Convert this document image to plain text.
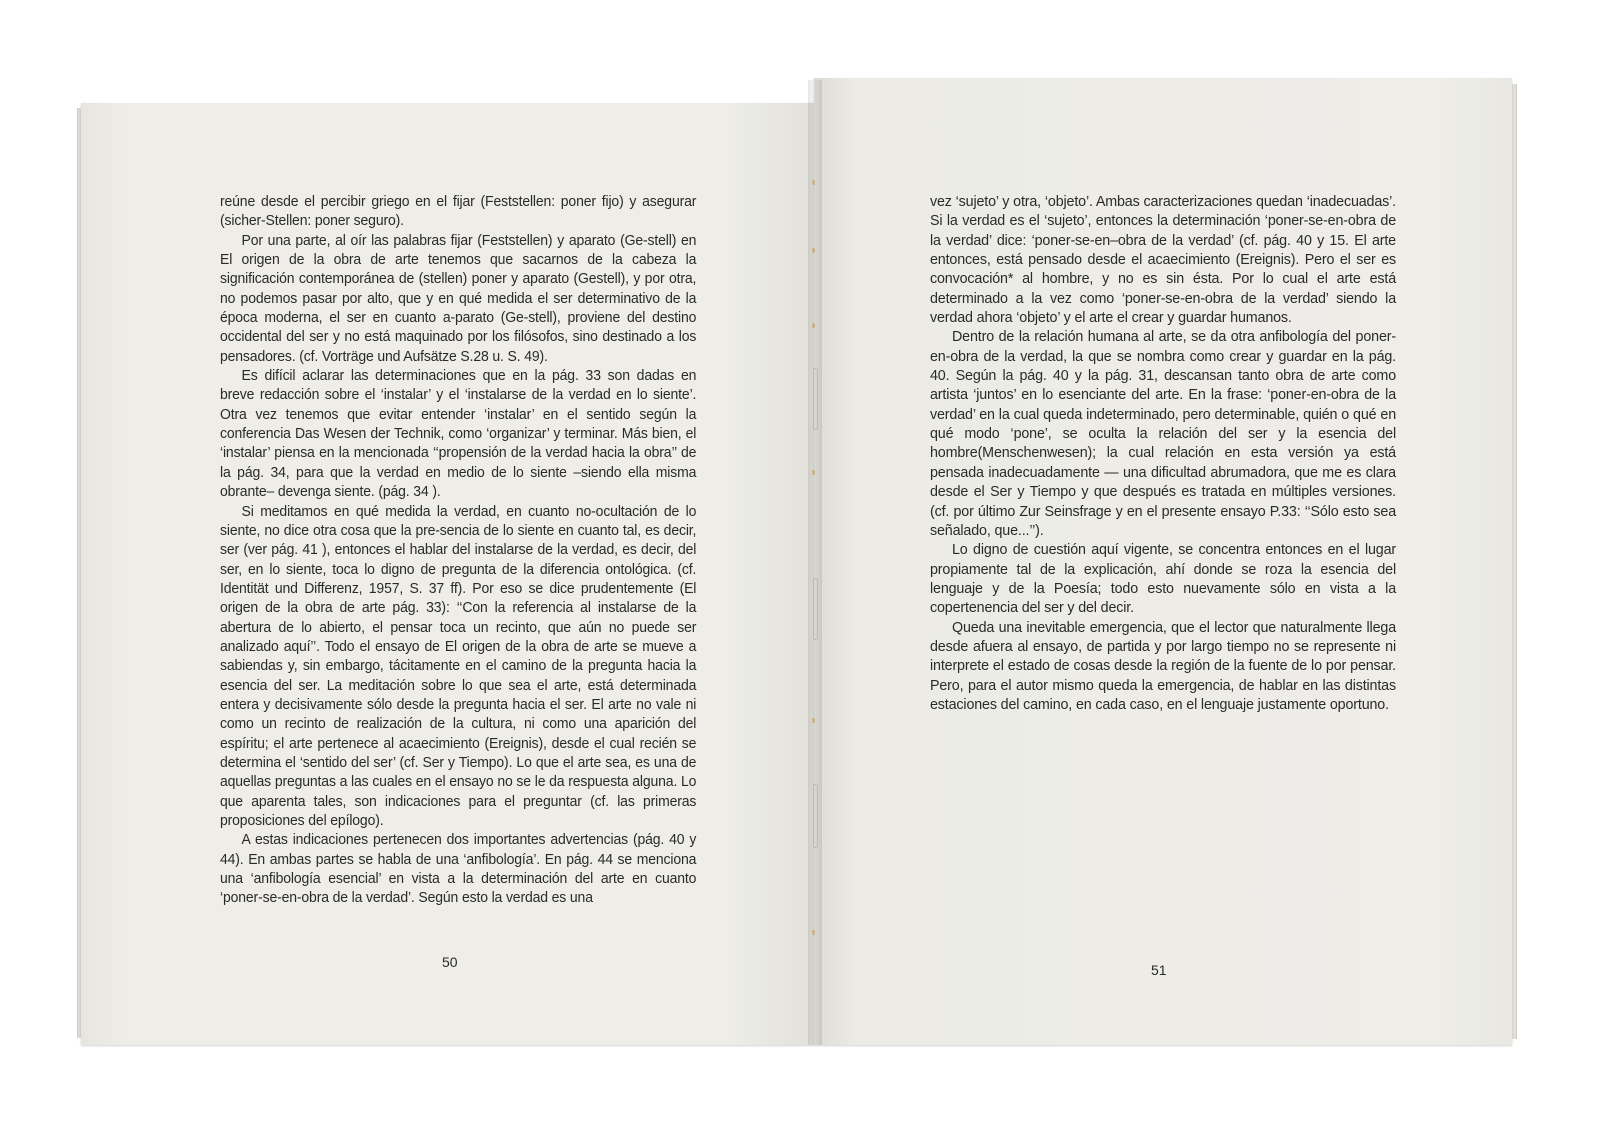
reúne desde el percibir griego en el fijar (Feststellen: poner fijo) y asegurar (sicher-Stellen: poner seguro).

Por una parte, al oír las palabras fijar (Feststellen) y aparato (Ge-stell) en El origen de la obra de arte tenemos que sacarnos de la cabeza la significación contemporánea de (stellen) poner y aparato (Gestell), y por otra, no podemos pasar por alto, que y en qué medida el ser determinativo de la época moderna, el ser en cuanto a-parato (Ge-stell), proviene del destino occidental del ser y no está maquinado por los filósofos, sino destinado a los pensadores. (cf. Vorträge und Aufsätze S.28 u. S. 49).

Es difícil aclarar las determinaciones que en la pág. 33 son dadas en breve redacción sobre el ‘instalar’ y el ‘instalarse de la verdad en lo siente’. Otra vez tenemos que evitar entender ‘instalar’ en el sentido según la conferencia Das Wesen der Technik, como ‘organizar’ y terminar. Más bien, el ‘instalar’ piensa en la mencionada ‘‘propensión de la verdad hacia la obra’’ de la pág. 34, para que la verdad en medio de lo siente –siendo ella misma obrante– devenga siente. (pág. 34 ).

Si meditamos en qué medida la verdad, en cuanto no-ocultación de lo siente, no dice otra cosa que la pre-sencia de lo siente en cuanto tal, es decir, ser (ver pág. 41 ), entonces el hablar del instalarse de la verdad, es decir, del ser, en lo siente, toca lo digno de pregunta de la diferencia ontológica. (cf. Identität und Differenz, 1957, S. 37 ff). Por eso se dice prudentemente (El origen de la obra de arte pág. 33): ‘‘Con la referencia al instalarse de la abertura de lo abierto, el pensar toca un recinto, que aún no puede ser analizado aquí’’. Todo el ensayo de El origen de la obra de arte se mueve a sabiendas y, sin embargo, tácitamente en el camino de la pregunta hacia la esencia del ser. La meditación sobre lo que sea el arte, está determinada entera y decisivamente sólo desde la pregunta hacia el ser. El arte no vale ni como un recinto de realización de la cultura, ni como una aparición del espíritu; el arte pertenece al acaecimiento (Ereignis), desde el cual recién se determina el ‘sentido del ser’ (cf. Ser y Tiempo). Lo que el arte sea, es una de aquellas preguntas a las cuales en el ensayo no se le da respuesta alguna. Lo que aparenta tales, son indicaciones para el preguntar (cf. las primeras proposiciones del epílogo).

A estas indicaciones pertenecen dos importantes advertencias (pág. 40 y 44). En ambas partes se habla de una ‘anfibología’. En pág. 44 se menciona una ‘anfibología esencial’ en vista a la determinación del arte en cuanto ‘poner-se-en-obra de la verdad’. Según esto la verdad es una

50

vez ‘sujeto’ y otra, ‘objeto’. Ambas caracterizaciones quedan ‘inadecuadas’. Si la verdad es el ‘sujeto’, entonces la determinación ‘poner-se-en-obra de la verdad’ dice: ‘poner-se-en–obra de la verdad’ (cf. pág. 40 y 15. El arte entonces, está pensado desde el acaecimiento (Ereignis). Pero el ser es convocación* al hombre, y no es sin ésta. Por lo cual el arte está determinado a la vez como ‘poner-se-en-obra de la verdad’ siendo la verdad ahora ‘objeto’ y el arte el crear y guardar humanos.

Dentro de la relación humana al arte, se da otra anfibología del poner-en-obra de la verdad, la que se nombra como crear y guardar en la pág. 40. Según la pág. 40 y la pág. 31, descansan tanto obra de arte como artista ‘juntos’ en lo esenciante del arte. En la frase: ‘poner-en-obra de la verdad’ en la cual queda indeterminado, pero determinable, quién o qué en qué modo ‘pone’, se oculta la relación del ser y la esencia del hombre(Menschenwesen); la cual relación en esta versión ya está pensada inadecuadamente — una dificultad abrumadora, que me es clara desde el Ser y Tiempo y que después es tratada en múltiples versiones. (cf. por último Zur Seinsfrage y en el presente ensayo P.33: ‘‘Sólo esto sea señalado, que...’’).

Lo digno de cuestión aquí vigente, se concentra entonces en el lugar propiamente tal de la explicación, ahí donde se roza la esencia del lenguaje y de la Poesía; todo esto nuevamente sólo en vista a la copertenencia del ser y del decir.

Queda una inevitable emergencia, que el lector que naturalmente llega desde afuera al ensayo, de partida y por largo tiempo no se represente ni interprete el estado de cosas desde la región de la fuente de lo por pensar. Pero, para el autor mismo queda la emergencia, de hablar en las distintas estaciones del camino, en cada caso, en el lenguaje justamente oportuno.

51
